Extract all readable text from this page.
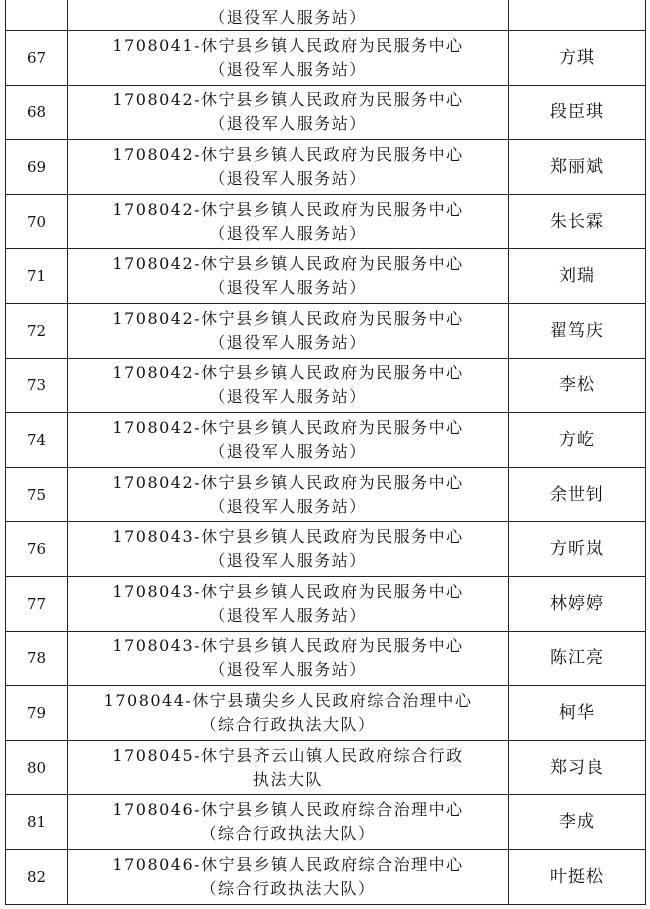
	（退役军人服务站）	

67	1708041-休宁县乡镇人民政府为民服务中心
（退役军人服务站）	方琪
68	1708042-休宁县乡镇人民政府为民服务中心
（退役军人服务站）	段臣琪
69	1708042-休宁县乡镇人民政府为民服务中心
（退役军人服务站）	郑丽斌
70	1708042-休宁县乡镇人民政府为民服务中心
（退役军人服务站）	朱长霖
71	1708042-休宁县乡镇人民政府为民服务中心
（退役军人服务站）	刘瑞
72	1708042-休宁县乡镇人民政府为民服务中心
（退役军人服务站）	翟笃庆
73	1708042-休宁县乡镇人民政府为民服务中心
（退役军人服务站）	李松
74	1708042-休宁县乡镇人民政府为民服务中心
（退役军人服务站）	方屹
75	1708042-休宁县乡镇人民政府为民服务中心
（退役军人服务站）	余世钊
76	1708043-休宁县乡镇人民政府为民服务中心
（退役军人服务站）	方昕岚
77	1708043-休宁县乡镇人民政府为民服务中心
（退役军人服务站）	林婷婷
78	1708043-休宁县乡镇人民政府为民服务中心
（退役军人服务站）	陈江亮
79	1708044-休宁县璜尖乡人民政府综合治理中心
（综合行政执法大队）	柯华
80	1708045-休宁县齐云山镇人民政府综合行政
执法大队	郑习良
81	1708046-休宁县乡镇人民政府综合治理中心
（综合行政执法大队）	李成
82	1708046-休宁县乡镇人民政府综合治理中心
（综合行政执法大队）	叶挺松
